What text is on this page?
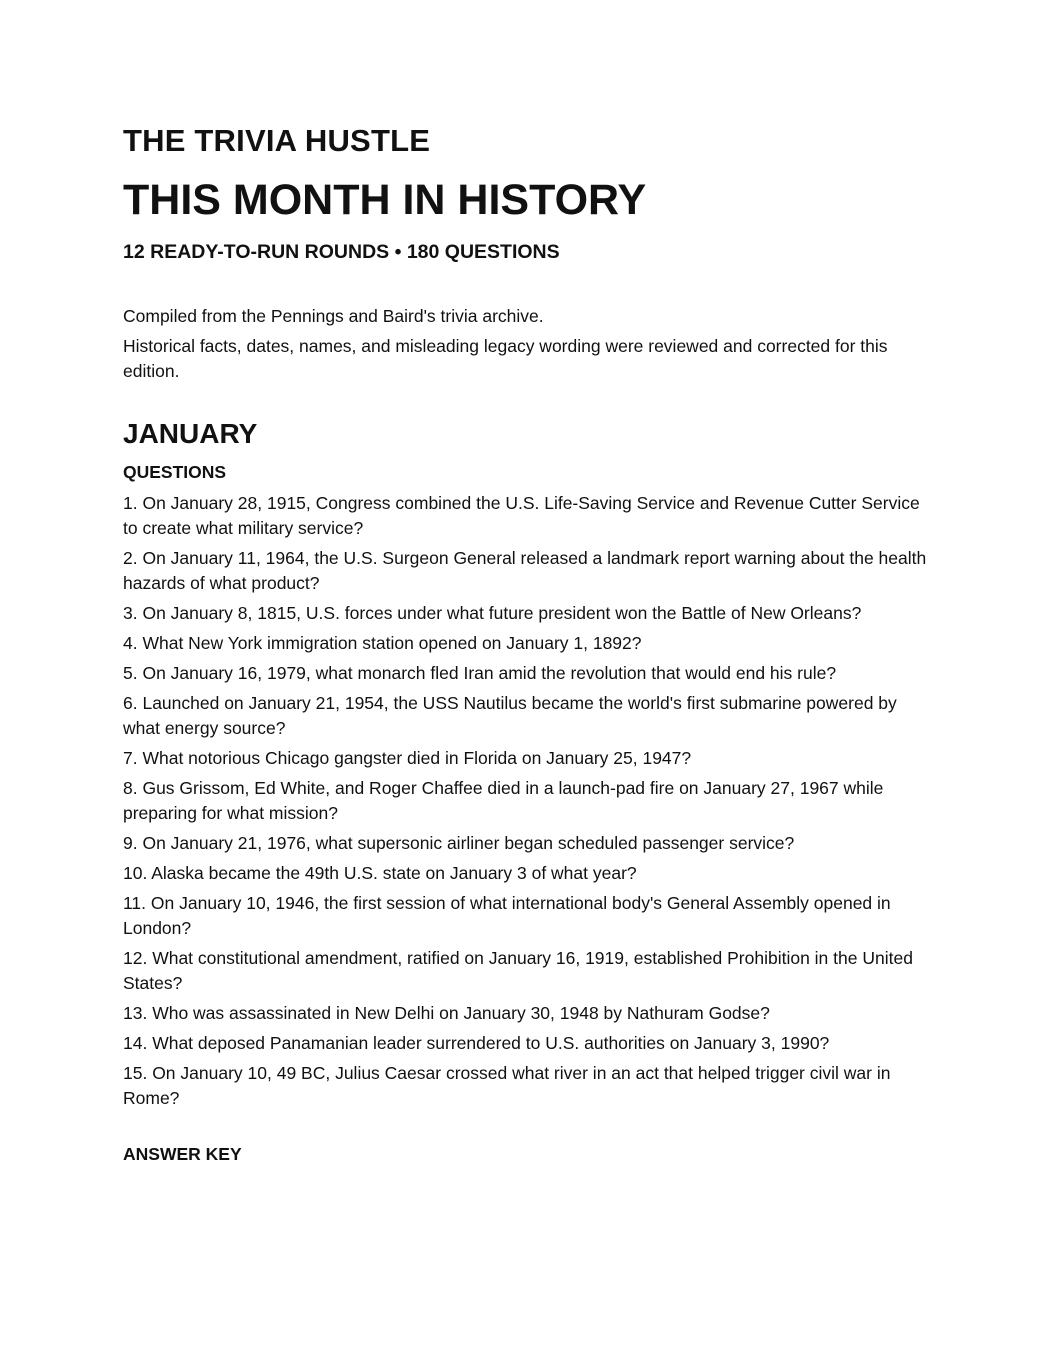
THE TRIVIA HUSTLE
THIS MONTH IN HISTORY
12 READY-TO-RUN ROUNDS • 180 QUESTIONS

Compiled from the Pennings and Baird's trivia archive.

Historical facts, dates, names, and misleading legacy wording were reviewed and corrected for this edition.

JANUARY
QUESTIONS
1. On January 28, 1915, Congress combined the U.S. Life-Saving Service and Revenue Cutter Service to create what military service?
2. On January 11, 1964, the U.S. Surgeon General released a landmark report warning about the health hazards of what product?
3. On January 8, 1815, U.S. forces under what future president won the Battle of New Orleans?
4. What New York immigration station opened on January 1, 1892?
5. On January 16, 1979, what monarch fled Iran amid the revolution that would end his rule?
6. Launched on January 21, 1954, the USS Nautilus became the world's first submarine powered by what energy source?
7. What notorious Chicago gangster died in Florida on January 25, 1947?
8. Gus Grissom, Ed White, and Roger Chaffee died in a launch-pad fire on January 27, 1967 while preparing for what mission?
9. On January 21, 1976, what supersonic airliner began scheduled passenger service?
10. Alaska became the 49th U.S. state on January 3 of what year?
11. On January 10, 1946, the first session of what international body's General Assembly opened in London?
12. What constitutional amendment, ratified on January 16, 1919, established Prohibition in the United States?
13. Who was assassinated in New Delhi on January 30, 1948 by Nathuram Godse?
14. What deposed Panamanian leader surrendered to U.S. authorities on January 3, 1990?
15. On January 10, 49 BC, Julius Caesar crossed what river in an act that helped trigger civil war in Rome?
ANSWER KEY
